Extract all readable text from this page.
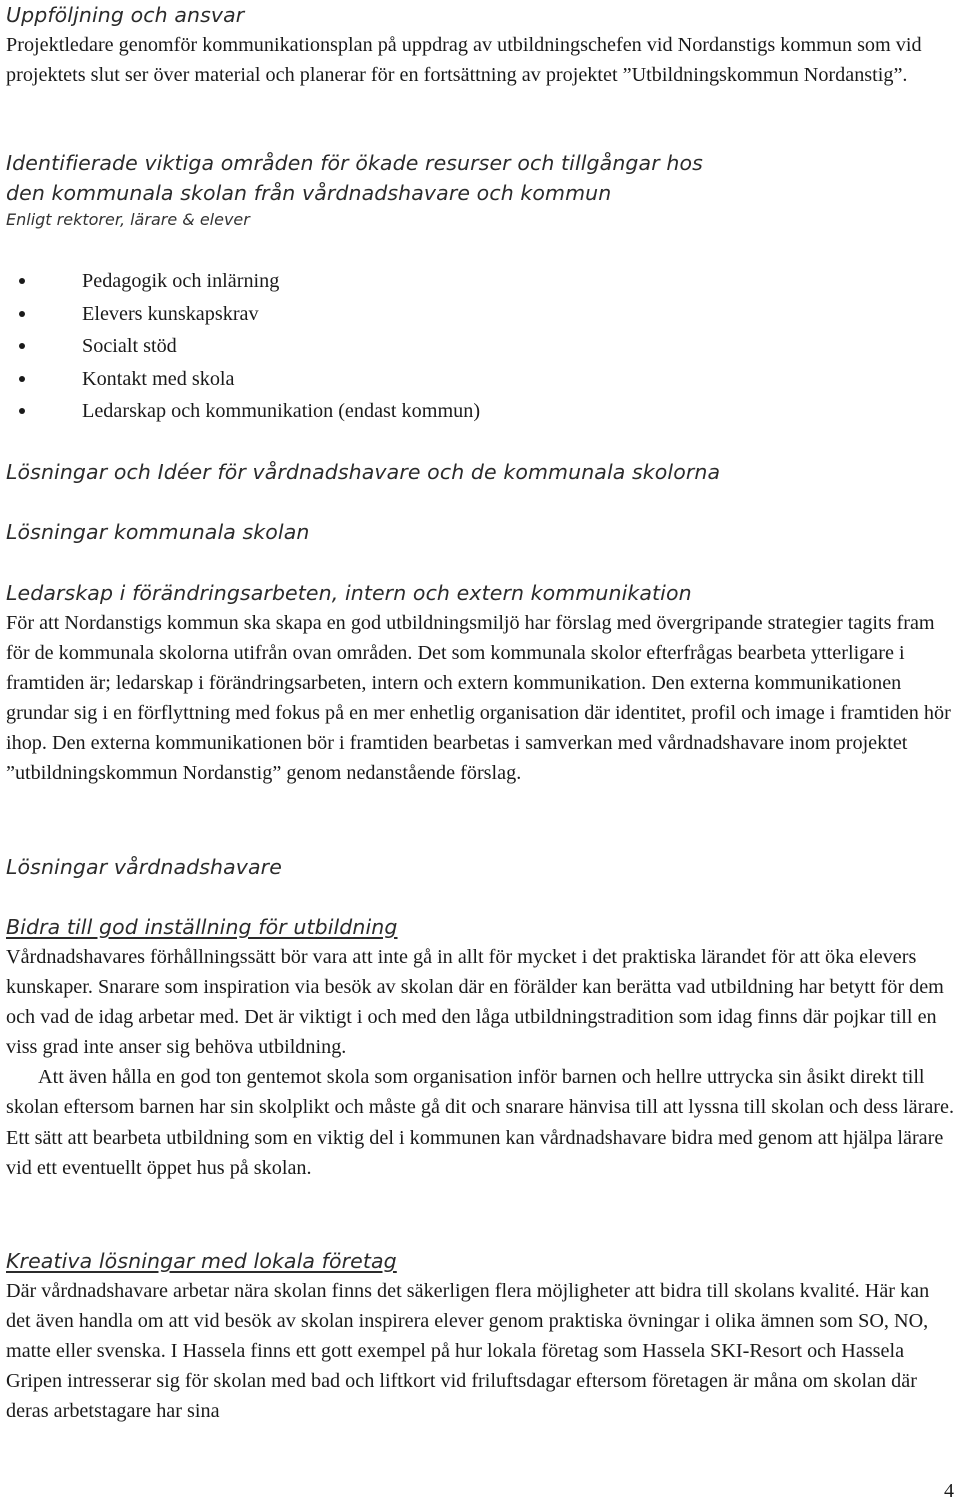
Uppföljning och ansvar

Projektledare genomför kommunikationsplan på uppdrag av utbildningschefen vid Nordanstigs kommun som vid projektets slut ser över material och planerar för en fortsättning av projektet ”Utbildningskommun Nordanstig”.

Identifierade viktiga områden för ökade resurser och tillgångar hos den kommunala skolan från vårdnadshavare och kommun

Enligt rektorer, lärare & elever

Pedagogik och inlärning
Elevers kunskapskrav
Socialt stöd
Kontakt med skola
Ledarskap och kommunikation (endast kommun)

Lösningar och Idéer för vårdnadshavare och de kommunala skolorna

Lösningar kommunala skolan

Ledarskap i förändringsarbeten, intern och extern kommunikation

För att Nordanstigs kommun ska skapa en god utbildningsmiljö har förslag med övergripande strategier tagits fram för de kommunala skolorna utifrån ovan områden. Det som kommunala skolor efterfrågas bearbeta ytterligare i framtiden är; ledarskap i förändringsarbeten, intern och extern kommunikation. Den externa kommunikationen grundar sig i en förflyttning med fokus på en mer enhetlig organisation där identitet, profil och image i framtiden hör ihop. Den externa kommunikationen bör i framtiden bearbetas i samverkan med vårdnadshavare inom projektet ”utbildningskommun Nordanstig” genom nedanstående förslag.

Lösningar vårdnadshavare

Bidra till god inställning för utbildning

Vårdnadshavares förhållningssätt bör vara att inte gå in allt för mycket i det praktiska lärandet för att öka elevers kunskaper. Snarare som inspiration via besök av skolan där en förälder kan berätta vad utbildning har betytt för dem och vad de idag arbetar med. Det är viktigt i och med den låga utbildningstradition som idag finns där pojkar till en viss grad inte anser sig behöva utbildning.

Att även hålla en god ton gentemot skola som organisation inför barnen och hellre uttrycka sin åsikt direkt till skolan eftersom barnen har sin skolplikt och måste gå dit och snarare hänvisa till att lyssna till skolan och dess lärare. Ett sätt att bearbeta utbildning som en viktig del i kommunen kan vårdnadshavare bidra med genom att hjälpa lärare vid ett eventuellt öppet hus på skolan.

Kreativa lösningar med lokala företag

Där vårdnadshavare arbetar nära skolan finns det säkerligen flera möjligheter att bidra till skolans kvalité. Här kan det även handla om att vid besök av skolan inspirera elever genom praktiska övningar i olika ämnen som SO, NO, matte eller svenska. I Hassela finns ett gott exempel på hur lokala företag som Hassela SKI-Resort och Hassela Gripen intresserar sig för skolan med bad och liftkort vid friluftsdagar eftersom företagen är måna om skolan där deras arbetstagare har sina

4
